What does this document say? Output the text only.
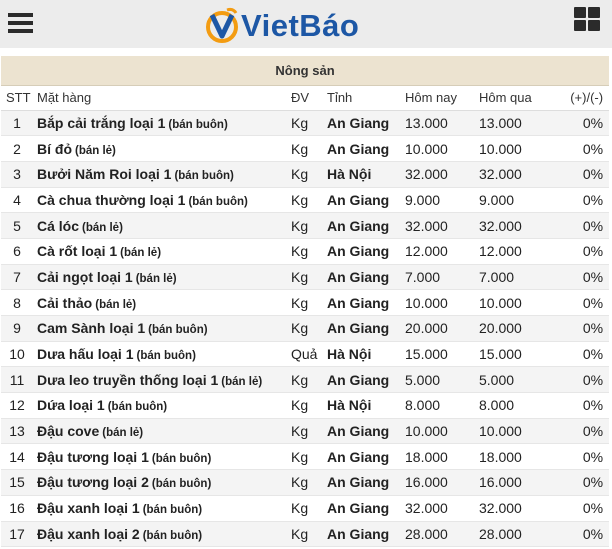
VietBáo
Nông sản						
STT	Mặt hàng	ĐV	Tỉnh	Hôm nay	Hôm qua	(+)/(-)
1	Bắp cải trắng loại 1 (bán buôn)	Kg	An Giang	13.000	13.000	0%
2	Bí đỏ (bán lẻ)	Kg	An Giang	10.000	10.000	0%
3	Bưởi Năm Roi loại 1 (bán buôn)	Kg	Hà Nội	32.000	32.000	0%
4	Cà chua thường loại 1 (bán buôn)	Kg	An Giang	9.000	9.000	0%
5	Cá lóc (bán lẻ)	Kg	An Giang	32.000	32.000	0%
6	Cà rốt loại 1 (bán lẻ)	Kg	An Giang	12.000	12.000	0%
7	Cải ngọt loại 1 (bán lẻ)	Kg	An Giang	7.000	7.000	0%
8	Cải thảo (bán lẻ)	Kg	An Giang	10.000	10.000	0%
9	Cam Sành loại 1 (bán buôn)	Kg	An Giang	20.000	20.000	0%
10	Dưa hấu loại 1 (bán buôn)	Quả	Hà Nội	15.000	15.000	0%
11	Dưa leo truyền thống loại 1 (bán lẻ)	Kg	An Giang	5.000	5.000	0%
12	Dứa loại 1 (bán buôn)	Kg	Hà Nội	8.000	8.000	0%
13	Đậu cove (bán lẻ)	Kg	An Giang	10.000	10.000	0%
14	Đậu tương loại 1 (bán buôn)	Kg	An Giang	18.000	18.000	0%
15	Đậu tương loại 2 (bán buôn)	Kg	An Giang	16.000	16.000	0%
16	Đậu xanh loại 1 (bán buôn)	Kg	An Giang	32.000	32.000	0%
17	Đậu xanh loại 2 (bán buôn)	Kg	An Giang	28.000	28.000	0%
